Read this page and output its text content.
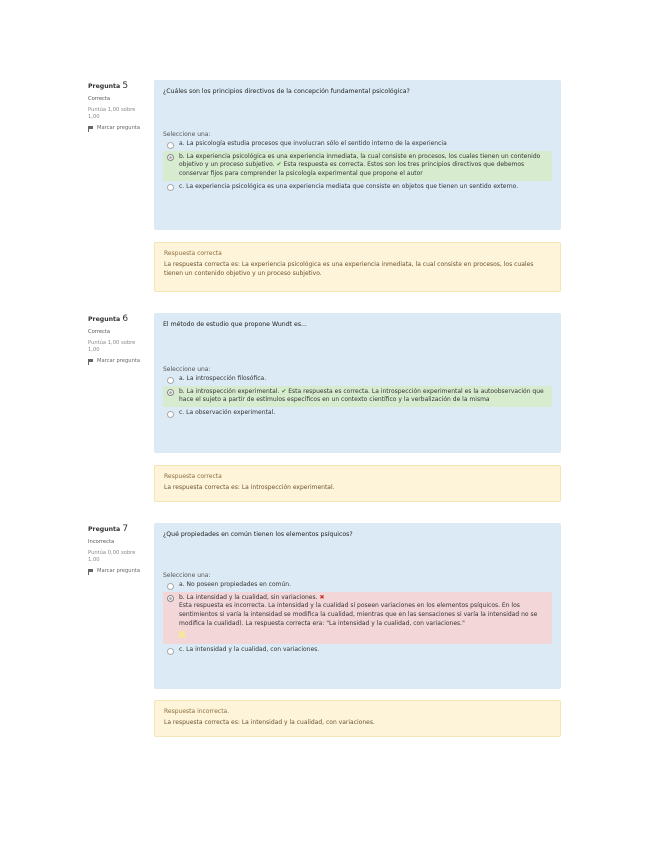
Pregunta 5
Correcta
Puntúa 1,00 sobre 1,00
Marcar pregunta
¿Cuáles son los principios directivos de la concepción fundamental psicológica?
Seleccione una:
a. La psicología estudia procesos que involucran sólo el sentido interno de la experiencia
b. La experiencia psicológica es una experiencia inmediata, la cual consiste en procesos, los cuales tienen un contenido objetivo y un proceso subjetivo. ✔ Esta respuesta es correcta. Estos son los tres principios directivos que debemos conservar fijos para comprender la psicología experimental que propone el autor
c. La experiencia psicológica es una experiencia mediata que consiste en objetos que tienen un sentido externo.
Respuesta correcta
La respuesta correcta es: La experiencia psicológica es una experiencia inmediata, la cual consiste en procesos, los cuales tienen un contenido objetivo y un proceso subjetivo.
Pregunta 6
Correcta
Puntúa 1,00 sobre 1,00
Marcar pregunta
El método de estudio que propone Wundt es...
Seleccione una:
a. La introspección filosófica.
b. La introspección experimental. ✔ Esta respuesta es correcta. La introspección experimental es la autoobservación que hace el sujeto a partir de estímulos específicos en un contexto científico y la verbalización de la misma
c. La observación experimental.
Respuesta correcta
La respuesta correcta es: La introspección experimental.
Pregunta 7
Incorrecta
Puntúa 0,00 sobre 1,00
Marcar pregunta
¿Qué propiedades en común tienen los elementos psíquicos?
Seleccione una:
a. No poseen propiedades en común.
b. La intensidad y la cualidad, sin variaciones. ✖
Esta respuesta es incorrecta. La intensidad y la cualidad sí poseen variaciones en los elementos psíquicos. En los sentimientos si varía la intensidad se modifica la cualidad, mientras que en las sensaciones si varía la intensidad no se modifica la cualidad). La respuesta correcta era: "La intensidad y la cualidad, con variaciones."

c. La intensidad y la cualidad, con variaciones.
Respuesta incorrecta.
La respuesta correcta es: La intensidad y la cualidad, con variaciones.
